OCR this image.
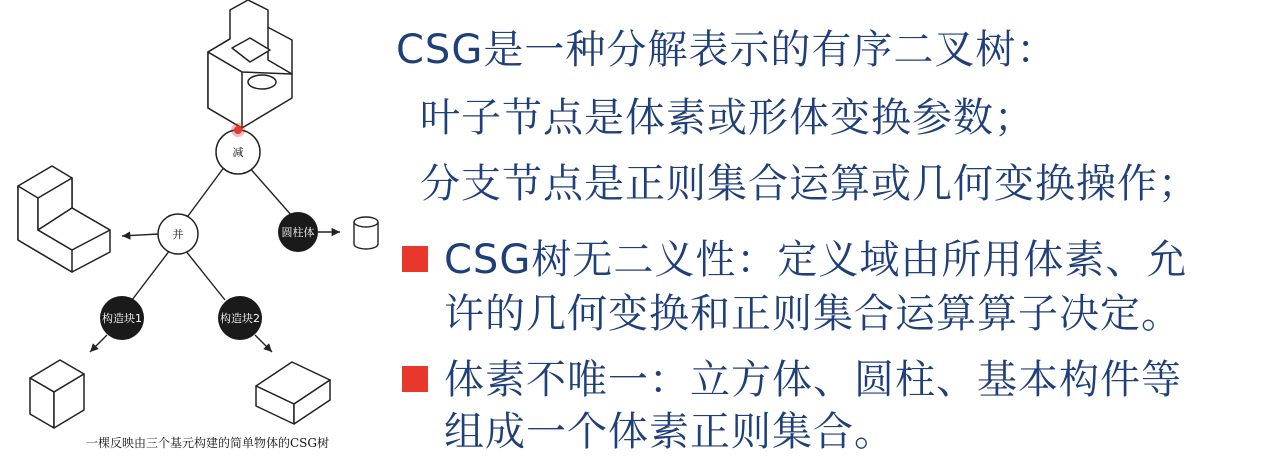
减
并	圆柱体
构造块1	构造块2
一棵反映由三个基元构建的简单物体的CSG树
CSG是一种分解表示的有序二叉树：
叶子节点是体素或形体变换参数；
分支节点是正则集合运算或几何变换操作；
CSG树无二义性：定义域由所用体素、允
许的几何变换和正则集合运算算子决定。
体素不唯一：立方体、圆柱、基本构件等
组成一个体素正则集合。
